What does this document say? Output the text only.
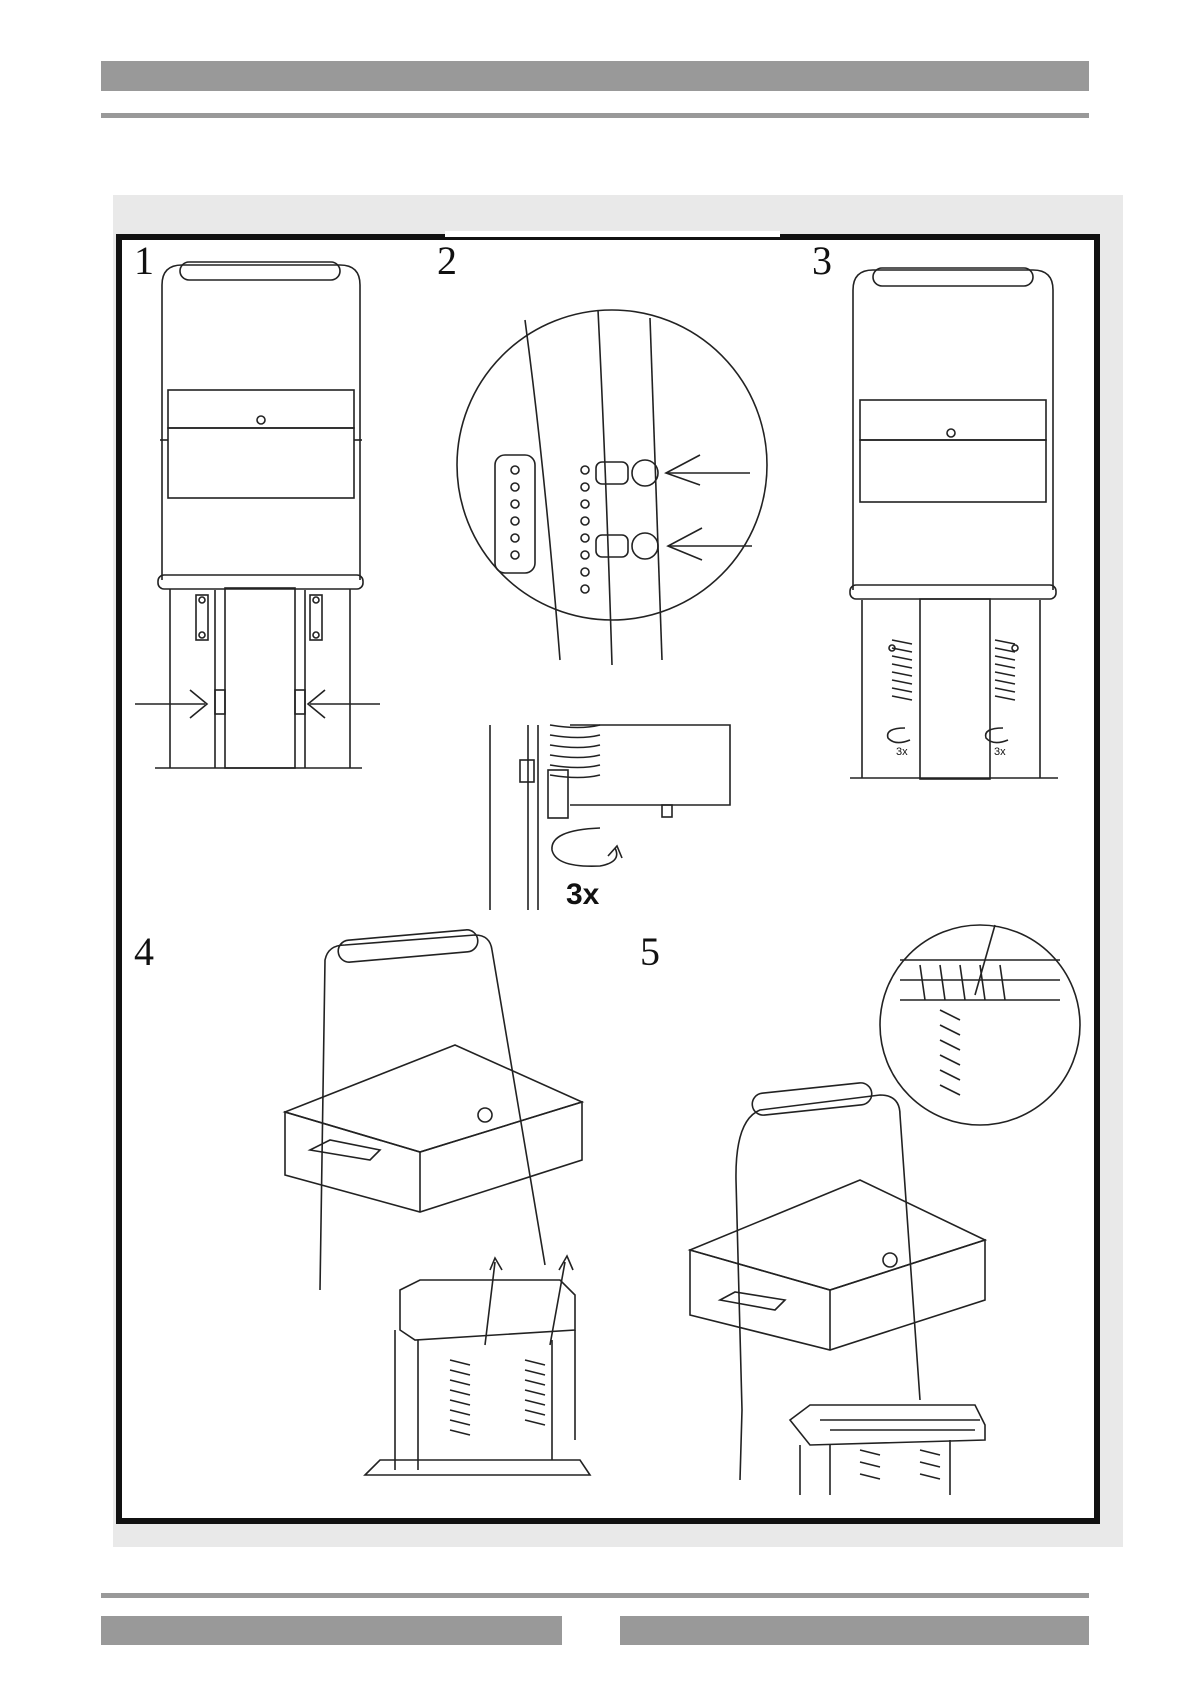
1	2	3
4	5
3x
3x	3x
